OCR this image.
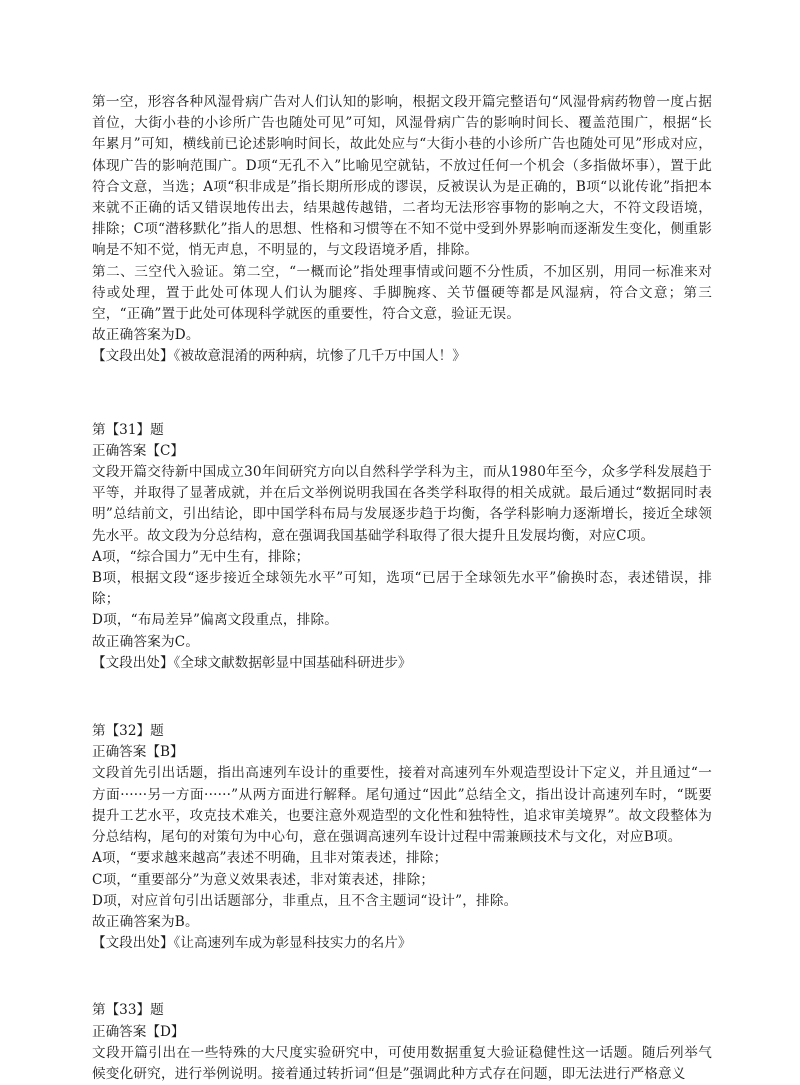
第一空，形容各种风湿骨病广告对人们认知的影响，根据文段开篇完整语句“风湿骨病药物曾一度占据首位，大街小巷的小诊所广告也随处可见”可知，风湿骨病广告的影响时间长、覆盖范围广，根据“长年累月”可知，横线前已论述影响时间长，故此处应与“大街小巷的小诊所广告也随处可见”形成对应，体现广告的影响范围广。D项“无孔不入”比喻见空就钻，不放过任何一个机会（多指做坏事），置于此符合文意，当选；A项“积非成是”指长期所形成的谬误，反被误认为是正确的，B项“以讹传讹”指把本来就不正确的话又错误地传出去，结果越传越错，二者均无法形容事物的影响之大，不符文段语境，排除；C项“潜移默化”指人的思想、性格和习惯等在不知不觉中受到外界影响而逐渐发生变化，侧重影响是不知不觉，悄无声息，不明显的，与文段语境矛盾，排除。

第二、三空代入验证。第二空，“一概而论”指处理事情或问题不分性质，不加区别，用同一标准来对待或处理，置于此处可体现人们认为腿疼、手脚腕疼、关节僵硬等都是风湿病，符合文意；第三空，“正确”置于此处可体现科学就医的重要性，符合文意，验证无误。

故正确答案为D。

【文段出处】《被故意混淆的两种病，坑惨了几千万中国人！》

第【31】题

正确答案【C】

文段开篇交待新中国成立30年间研究方向以自然科学学科为主，而从1980年至今，众多学科发展趋于平等，并取得了显著成就，并在后文举例说明我国在各类学科取得的相关成就。最后通过“数据同时表明”总结前文，引出结论，即中国学科布局与发展逐步趋于均衡，各学科影响力逐渐增长，接近全球领先水平。故文段为分总结构，意在强调我国基础学科取得了很大提升且发展均衡，对应C项。

A项，“综合国力”无中生有，排除；

B项，根据文段“逐步接近全球领先水平”可知，选项“已居于全球领先水平”偷换时态，表述错误，排除；

D项，“布局差异”偏离文段重点，排除。

故正确答案为C。

【文段出处】《全球文献数据彰显中国基础科研进步》

第【32】题

正确答案【B】

文段首先引出话题，指出高速列车设计的重要性，接着对高速列车外观造型设计下定义，并且通过“一方面······另一方面······”从两方面进行解释。尾句通过“因此”总结全文，指出设计高速列车时，“既要提升工艺水平，攻克技术难关，也要注意外观造型的文化性和独特性，追求审美境界”。故文段整体为分总结构，尾句的对策句为中心句，意在强调高速列车设计过程中需兼顾技术与文化，对应B项。

A项，“要求越来越高”表述不明确，且非对策表述，排除；

C项，“重要部分”为意义效果表述，非对策表述，排除；

D项，对应首句引出话题部分，非重点，且不含主题词“设计”，排除。

故正确答案为B。

【文段出处】《让高速列车成为彰显科技实力的名片》

第【33】题

正确答案【D】

文段开篇引出在一些特殊的大尺度实验研究中，可使用数据重复大验证稳健性这一话题。随后列举气候变化研究，进行举例说明。接着通过转折词“但是”强调此种方式存在问题，即无法进行严格意义
